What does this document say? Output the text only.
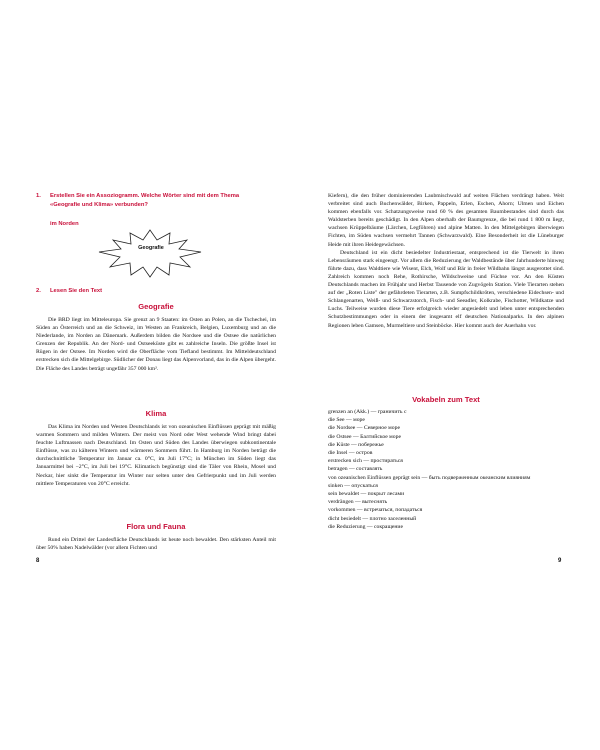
1. Erstellen Sie ein Assoziogramm. Welche Wörter sind mit dem Thema «Geografie und Klima» verbunden?
im Norden
Geografie
2. Lesen Sie den Text
Geografie

Die BRD liegt im Mitteleuropa. Sie grenzt an 9 Staaten: im Osten an Polen, an die Tschechei, im Süden an Österreich und an die Schweiz, im Westen an Frankreich, Belgien, Luxemburg und an die Niederlande, im Norden an Dänemark. Außerdem bilden die Nordsee und die Ostsee die natürlichen Grenzen der Republik. An der Nord- und Ostseeküste gibt es zahlreiche Inseln. Die größte Insel ist Rügen in der Ostsee. Im Norden wird die Oberfläche vom Tiefland bestimmt. Im Mitteldeutschland erstrecken sich die Mittelgebirge. Südlicher der Donau liegt das Alpenvorland, das in die Alpen übergeht. Die Fläche des Landes beträgt ungefähr 357 000 km².

Klima

Das Klima im Norden und Westen Deutschlands ist von ozeanischen Einflüssen geprägt mit mäßig warmen Sommern und milden Wintern. Der meist von Nord oder West wehende Wind bringt dabei feuchte Luftmassen nach Deutschland. Im Osten und Süden des Landes überwiegen subkontinentale Einflüsse, was zu kälteren Wintern und wärmeren Sommern führt. In Hamburg im Norden beträgt die durchschnittliche Temperatur im Januar ca. 0°C, im Juli 17°C; in München im Süden liegt das Januarmittel bei −2°C, im Juli bei 19°C. Klimatisch begünstigt sind die Täler von Rhein, Mosel und Neckar, hier sinkt die Temperatur im Winter nur selten unter den Gefrierpunkt und im Juli werden mittlere Temperaturen von 20°C erreicht.

Flora und Fauna

Rund ein Drittel der Landesfläche Deutschlands ist heute noch bewaldet. Den stärksten Anteil mit über 50% haben Nadelwälder (vor allem Fichten und

8

Kiefern), die den früher dominierenden Laubmischwald auf weiten Flächen verdrängt haben. Weit verbreitet sind auch Buchenwälder, Birken, Pappeln, Erlen, Eschen, Ahorn; Ulmen und Eichen kommen ebenfalls vor. Schatzungsweise rund 60 % des gesamten Baumbestandes sind durch das Waldsterben bereits geschädigt. In den Alpen oberhalb der Baumgrenze, die bei rund 1 800 m liegt, wachsen Krüppelbäume (Lärchen, Legföhren) und alpine Matten. In den Mittelgebirgen überwiegen Fichten, im Süden wachsen vermehrt Tannen (Schwarzwald). Eine Besonderheit ist die Lüneburger Heide mit ihren Heidegewächsen.

Deutschland ist ein dicht besiedelter Industriestaat, entsprechend ist die Tierwelt in ihren Lebensräumen stark eingeengt. Vor allem die Reduzierung der Waldbestände über Jahrhunderte hinweg führte dazu, dass Waldtiere wie Wisent, Elch, Wolf und Bär in freier Wildbahn längst ausgerottet sind. Zahlreich kommen noch Rehe, Rothirsche, Wildschweine und Füchse vor. An den Küsten Deutschlands machen im Frühjahr und Herbst Tausende von Zugvögeln Station. Viele Tierarten stehen auf der „Roten Liste" der gefährdeten Tierarten, z.B. Sumpfschildkröten, verschiedene Eidechsen- und Schlangenarten, Weiß- und Schwarzstorch, Fisch- und Seeadler, Kolkrabe, Fischotter, Wildkatze und Luchs. Teilweise wurden diese Tiere erfolgreich wieder angesiedelt und leben unter entsprechenden Schutzbestimmungen oder in einem der insgesamt elf deutschen Nationalparks. In den alpinen Regionen leben Gamsen, Murmeltiere und Steinböcke. Hier kommt auch der Auerhahn vor.

Vokabeln zum Text
grenzen an (Akk.) — граничить с
die See — море
die Nordsee — Северное море
die Ostsee — Балтийское море
die Küste — побережье
die Insel — остров
erstrecken sich — простираться
betragen — составлять
von ozeanischen Einflüssen geprägt sein — быть подверженным океанским влияниям
sinken — опускаться
sein bewaldet — покрыт лесами
verdrängen — вытеснять
vorkommen — встречаться, попадаться
dicht besiedelt — плотно заселенный
die Reduzierung — сокращение
9
